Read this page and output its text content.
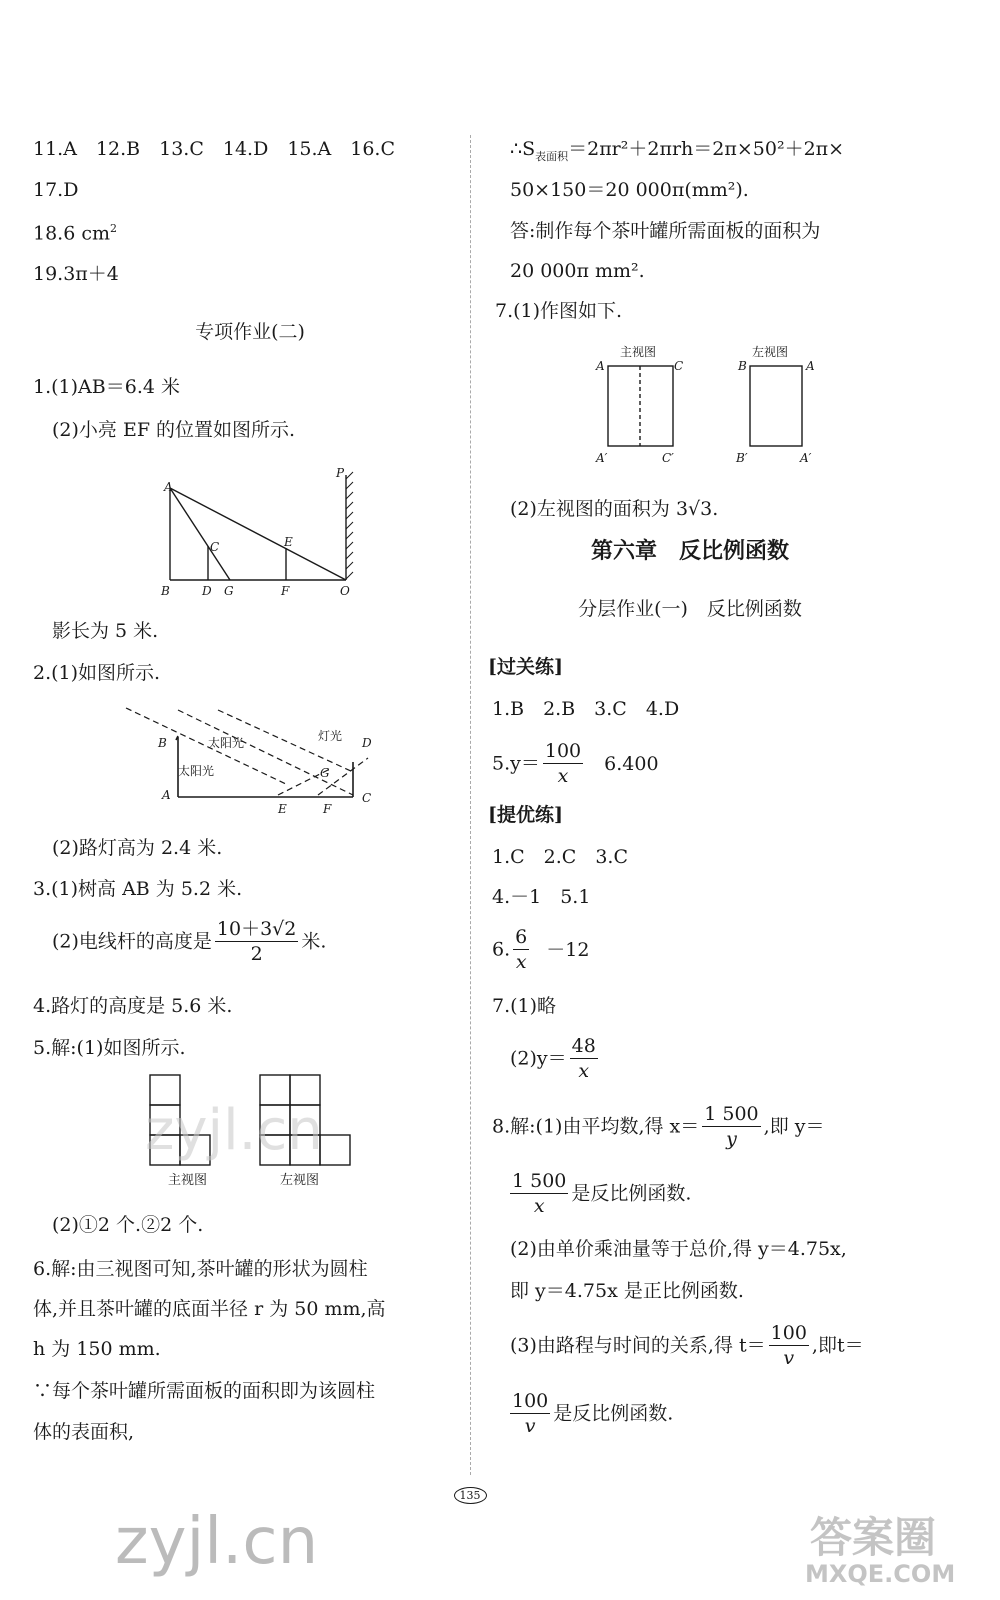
11.A　12.B　13.C　14.D　15.A　16.C
17.D
18.6 $cm^2$
19.3π＋4
专项作业(二)
1.(1)AB＝6.4 米
(2)小亮 EF 的位置如图所示.
A
B
C
D G
E
F	O
P
影长为 5 米.
2.(1)如图所示.
B
A
E	F
G
C
D
太阳光
太阳光
灯光
(2)路灯高为 2.4 米.
3.(1)树高 AB 为 5.2 米.
(2)电线杆的高度是 $\frac{10+3√2}{2}$ 米.
4.路灯的高度是 5.6 米.
5.解:(1)如图所示.
主视图	左视图
(2)①2 个.②2 个.
6.解:由三视图可知,茶叶罐的形状为圆柱
体,并且茶叶罐的底面半径 r 为 50 mm,高
h 为 150 mm.
∵每个茶叶罐所需面板的面积即为该圆柱
体的表面积,
$\therefore S_{表面积}=2\pi r^2+2\pi rh=2\pi\times 50^2+2\pi\times$
50×150＝20 000π(mm²).
答:制作每个茶叶罐所需面板的面积为
20 000π mm².
7.(1)作图如下.
主视图	左视图
A	C
A′	C′
B	A
B′	A′
(2)左视图的面积为 3√3.
第六章　反比例函数
分层作业(一)　反比例函数
[过关练]
1.B　2.B　3.C　4.D
$5.y= \frac{100}{x} 6.400$
[提优练]
1.C　2.C　3.C
4.－1　5.1
6. $\frac{6}{x} -12$
7.(1)略
$(2)y= \frac{48}{x}$
8.解:(1)由平均数,得 $x= \frac{1 500}{y}$ ,即 y＝
$\frac{1 500}{x}$ 是反比例函数.
(2)由单价乘油量等于总价,得 y＝4.75x,
即 y＝4.75x 是正比例函数.
(3)由路程与时间的关系,得 $t= \frac{100}{v}$ ,即t＝
$\frac{100}{v}$ 是反比例函数.
135
zyjl.cn
zyjl.cn	答案圈
MXQE.COM
